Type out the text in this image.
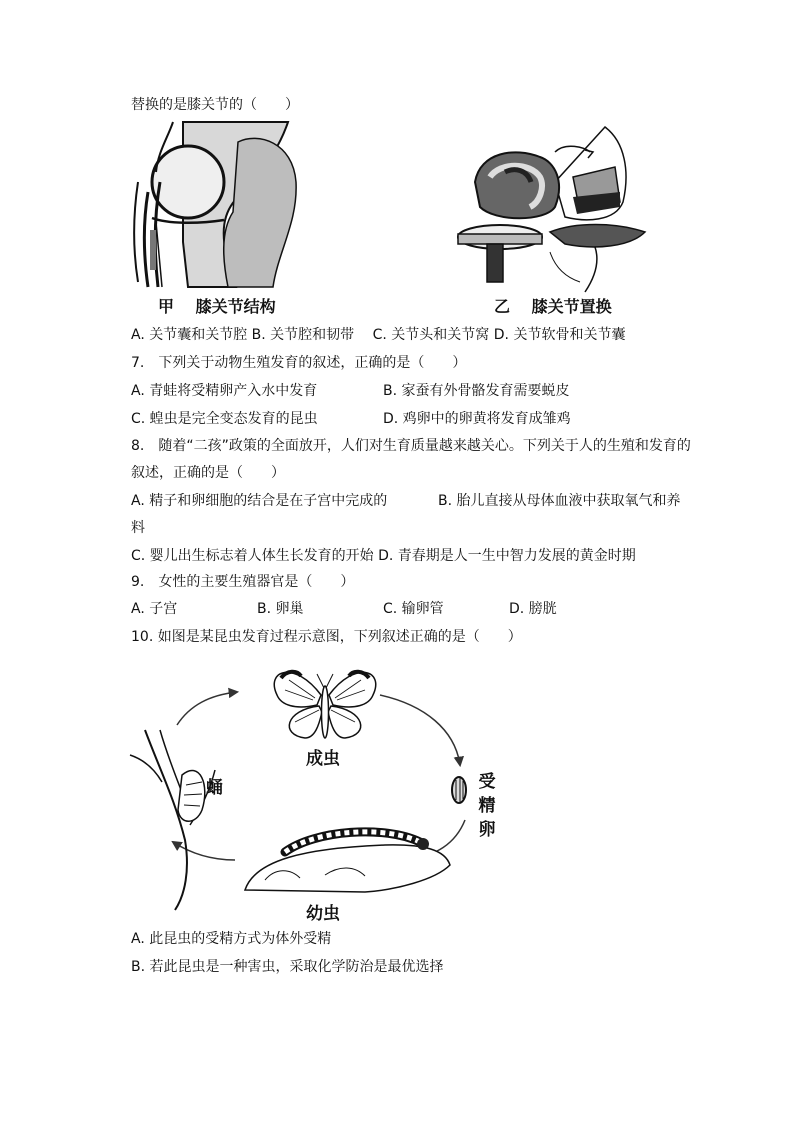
替换的是膝关节的（　　）
甲　 膝关节结构	乙　 膝关节置换
A. 关节囊和关节腔 B. 关节腔和韧带　 C. 关节头和关节窝 D. 关节软骨和关节囊
7.　下列关于动物生殖发育的叙述，正确的是（　　）
A. 青蛙将受精卵产入水中发育	B. 家蚕有外骨骼发育需要蜕皮
C. 蝗虫是完全变态发育的昆虫	D. 鸡卵中的卵黄将发育成雏鸡
8.　随着“二孩”政策的全面放开，人们对生育质量越来越关心。下列关于人的生殖和发育的
叙述，正确的是（　　）
A. 精子和卵细胞的结合是在子宫中完成的	B. 胎儿直接从母体血液中获取氧气和养
料
C. 婴儿出生标志着人体生长发育的开始 D. 青春期是人一生中智力发展的黄金时期
9.　女性的主要生殖器官是（　　）
A. 子宫	B. 卵巢	C. 输卵管	D. 膀胱
10. 如图是某昆虫发育过程示意图，下列叙述正确的是（　　）
成虫
受精卵
幼虫
蛹
A. 此昆虫的受精方式为体外受精
B. 若此昆虫是一种害虫，采取化学防治是最优选择
